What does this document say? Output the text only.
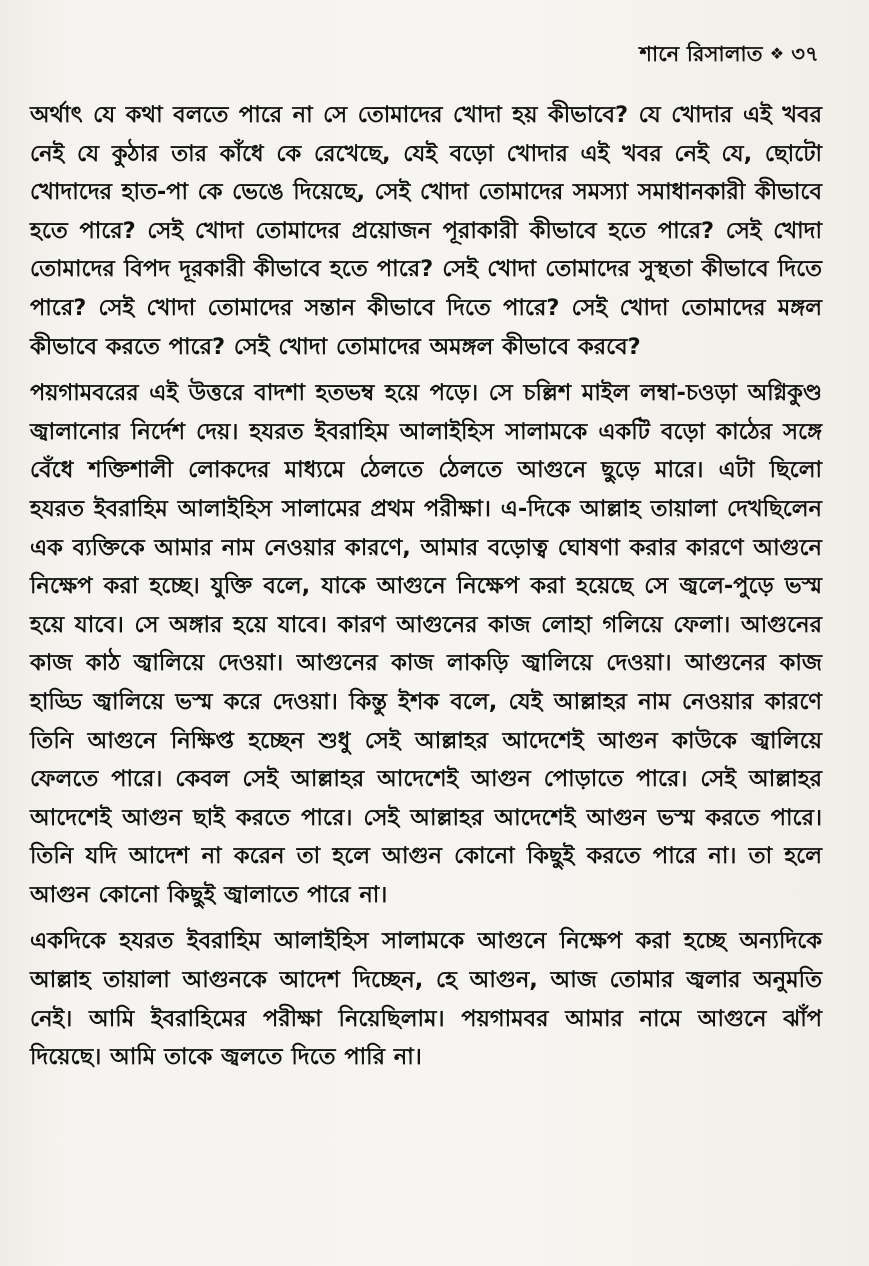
শানে রিসালাত ❖ ৩৭

অর্থাৎ যে কথা বলতে পারে না সে তোমাদের খোদা হয় কীভাবে? যে খোদার এই খবর নেই যে কুঠার তার কাঁধে কে রেখেছে, যেই বড়ো খোদার এই খবর নেই যে, ছোটো খোদাদের হাত-পা কে ভেঙে দিয়েছে, সেই খোদা তোমাদের সমস্যা সমাধানকারী কীভাবে হতে পারে? সেই খোদা তোমাদের প্রয়োজন পূরাকারী কীভাবে হতে পারে? সেই খোদা তোমাদের বিপদ দূরকারী কীভাবে হতে পারে? সেই খোদা তোমাদের সুস্থতা কীভাবে দিতে পারে? সেই খোদা তোমাদের সন্তান কীভাবে দিতে পারে? সেই খোদা তোমাদের মঙ্গল কীভাবে করতে পারে? সেই খোদা তোমাদের অমঙ্গল কীভাবে করবে?

পয়গামবরের এই উত্তরে বাদশা হতভম্ব হয়ে পড়ে। সে চল্লিশ মাইল লম্বা-চওড়া অগ্নিকুণ্ড জ্বালানোর নির্দেশ দেয়। হযরত ইবরাহিম আলাইহিস সালামকে একটি বড়ো কাঠের সঙ্গে বেঁধে শক্তিশালী লোকদের মাধ্যমে ঠেলতে ঠেলতে আগুনে ছুড়ে মারে। এটা ছিলো হযরত ইবরাহিম আলাইহিস সালামের প্রথম পরীক্ষা। এ-দিকে আল্লাহ তায়ালা দেখছিলেন এক ব্যক্তিকে আমার নাম নেওয়ার কারণে, আমার বড়োত্ব ঘোষণা করার কারণে আগুনে নিক্ষেপ করা হচ্ছে। যুক্তি বলে, যাকে আগুনে নিক্ষেপ করা হয়েছে সে জ্বলে-পুড়ে ভস্ম হয়ে যাবে। সে অঙ্গার হয়ে যাবে। কারণ আগুনের কাজ লোহা গলিয়ে ফেলা। আগুনের কাজ কাঠ জ্বালিয়ে দেওয়া। আগুনের কাজ লাকড়ি জ্বালিয়ে দেওয়া। আগুনের কাজ হাড্ডি জ্বালিয়ে ভস্ম করে দেওয়া। কিন্তু ইশক বলে, যেই আল্লাহর নাম নেওয়ার কারণে তিনি আগুনে নিক্ষিপ্ত হচ্ছেন শুধু সেই আল্লাহর আদেশেই আগুন কাউকে জ্বালিয়ে ফেলতে পারে। কেবল সেই আল্লাহর আদেশেই আগুন পোড়াতে পারে। সেই আল্লাহর আদেশেই আগুন ছাই করতে পারে। সেই আল্লাহর আদেশেই আগুন ভস্ম করতে পারে। তিনি যদি আদেশ না করেন তা হলে আগুন কোনো কিছুই করতে পারে না। তা হলে আগুন কোনো কিছুই জ্বালাতে পারে না।

একদিকে হযরত ইবরাহিম আলাইহিস সালামকে আগুনে নিক্ষেপ করা হচ্ছে অন্যদিকে আল্লাহ তায়ালা আগুনকে আদেশ দিচ্ছেন, হে আগুন, আজ তোমার জ্বলার অনুমতি নেই। আমি ইবরাহিমের পরীক্ষা নিয়েছিলাম। পয়গামবর আমার নামে আগুনে ঝাঁপ দিয়েছে। আমি তাকে জ্বলতে দিতে পারি না।
